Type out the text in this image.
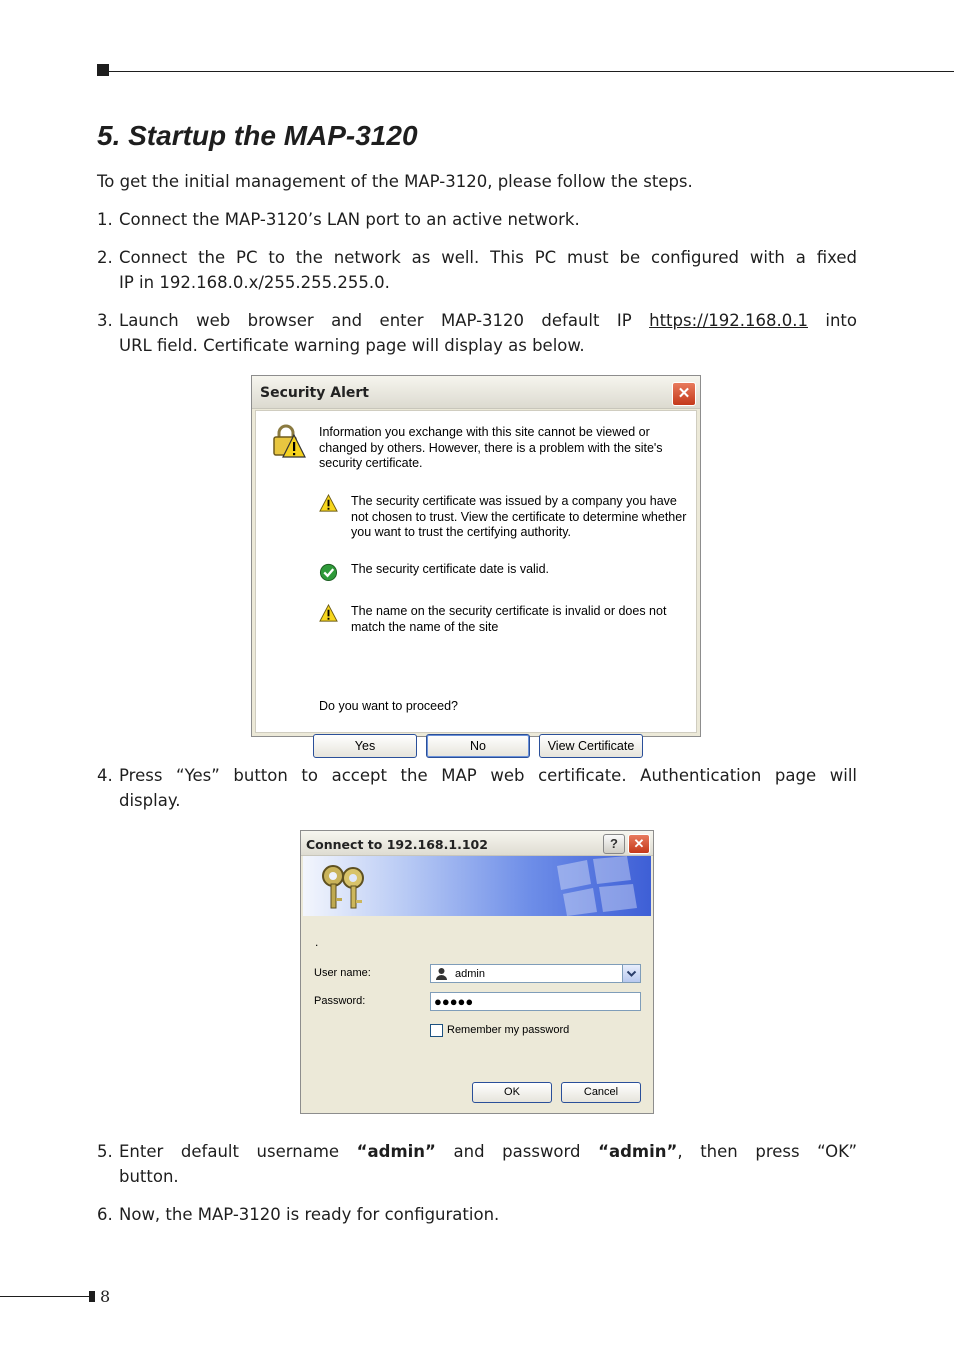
5. Startup the MAP-3120
To get the initial management of the MAP-3120, please follow the steps.
1. Connect the MAP-3120’s LAN port to an active network.
2. Connect the PC to the network as well. This PC must be configured with a fixed
IP in 192.168.0.x/255.255.255.0.
3. Launch web browser and enter MAP-3120 default IP https://192.168.0.1 into
URL field. Certificate warning page will display as below.
Security Alert	✕
Information you exchange with this site cannot be viewed or changed by others. However, there is a problem with the site's security certificate.
The security certificate was issued by a company you have not chosen to trust. View the certificate to determine whether you want to trust the certifying authority.
The security certificate date is valid.
The name on the security certificate is invalid or does not match the name of the site
Do you want to proceed?
Yes	No	View Certificate
4. Press “Yes” button to accept the MAP web certificate. Authentication page will
display.
Connect to 192.168.1.102	?	✕
.
User name:	admin
Password:	●●●●●
Remember my password
OK	Cancel
5. Enter default username “admin” and password “admin”, then press “OK”
button.
6. Now, the MAP-3120 is ready for configuration.
8
